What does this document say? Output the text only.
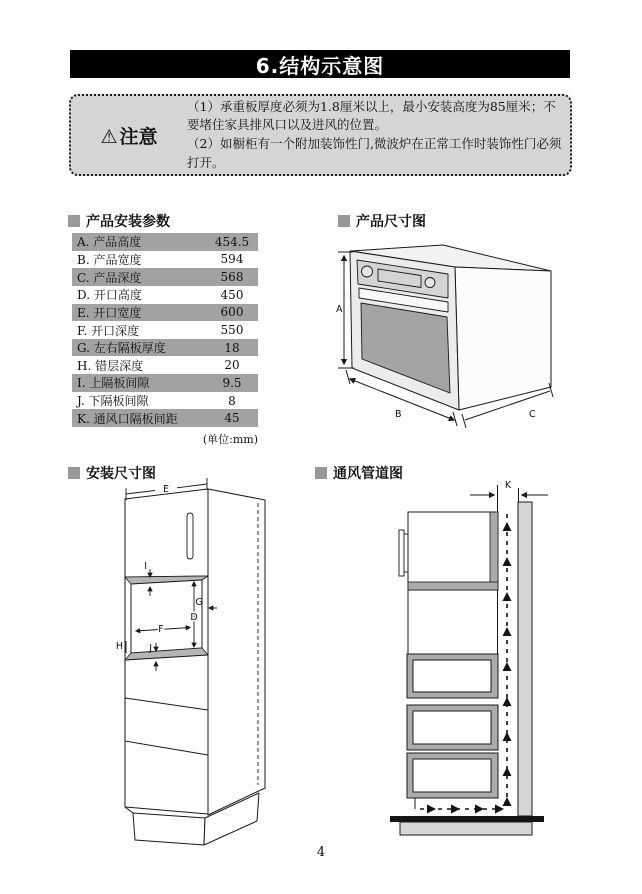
6.结构示意图
⚠ 注意

（1）承重板厚度必须为1.8厘米以上，最小安装高度为85厘米；不要堵住家具排风口以及进风的位置。

（2）如橱柜有一个附加装饰性门,微波炉在正常工作时装饰性门必须打开。

产品安装参数	产品尺寸图
安装尺寸图	通风管道图
A. 产品高度	454.5
B. 产品宽度	594
C. 产品深度	568
D. 开口高度	450
E. 开口宽度	600
F. 开口深度	550
G. 左右隔板厚度	18
H. 错层深度	20
I. 上隔板间隙	9.5
J. 下隔板间隙	8
K. 通风口隔板间距	45
(单位:mm)
A
B	C
E
I
G
D
F
H	J
K
4
